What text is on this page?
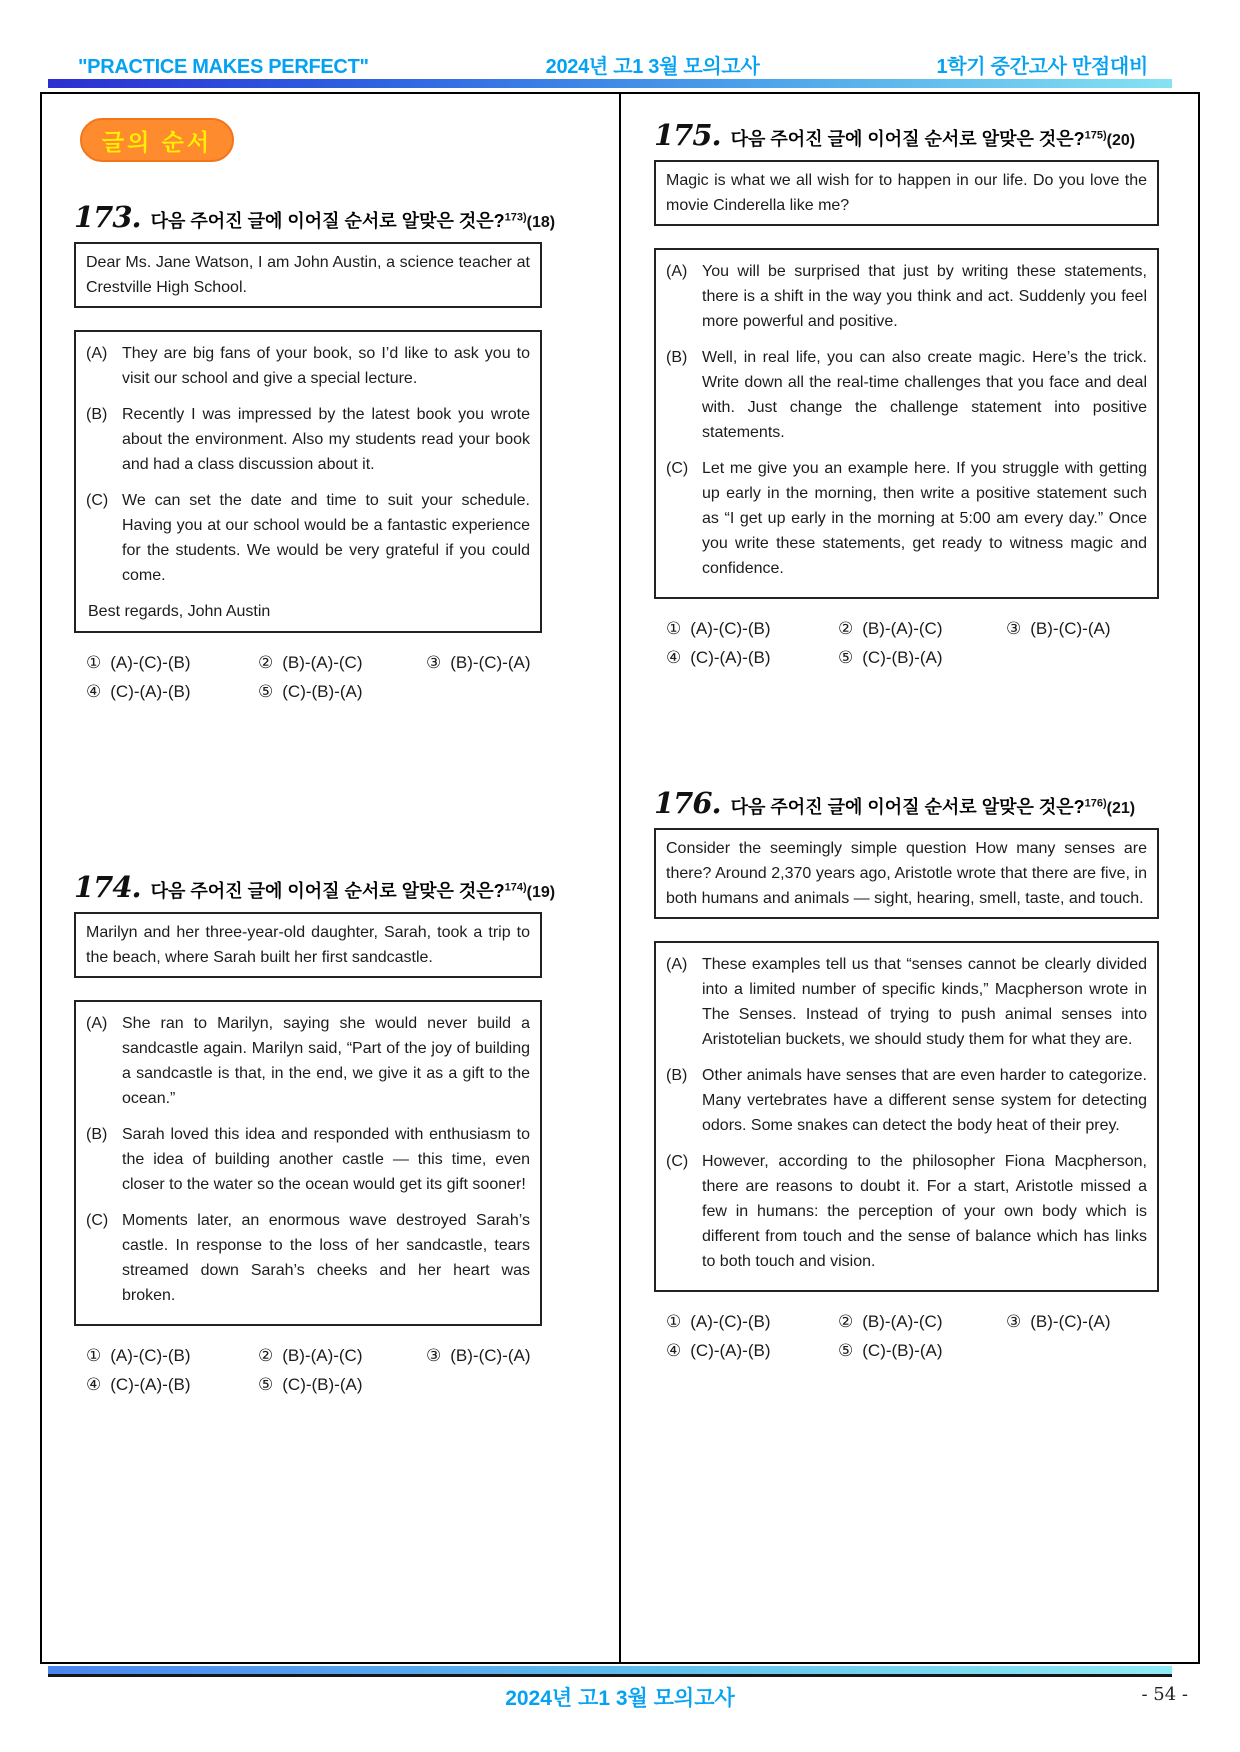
"PRACTICE MAKES PERFECT"	2024년 고1 3월 모의고사	1학기 중간고사 만점대비
글의 순서
173. 다음 주어진 글에 이어질 순서로 알맞은 것은?$^{173)}$(18)
Dear Ms. Jane Watson, I am John Austin, a science teacher at Crestville High School.
(A) They are big fans of your book, so I’d like to ask you to visit our school and give a special lecture.
(B) Recently I was impressed by the latest book you wrote about the environment. Also my students read your book and had a class discussion about it.
(C) We can set the date and time to suit your schedule. Having you at our school would be a fantastic experience for the students. We would be very grateful if you could come.
Best regards, John Austin
① (A)-(C)-(B)	② (B)-(A)-(C)	③ (B)-(C)-(A)
④ (C)-(A)-(B)	⑤ (C)-(B)-(A)
174. 다음 주어진 글에 이어질 순서로 알맞은 것은?$^{174)}$(19)
Marilyn and her three-year-old daughter, Sarah, took a trip to the beach, where Sarah built her first sandcastle.
(A) She ran to Marilyn, saying she would never build a sandcastle again. Marilyn said, “Part of the joy of building a sandcastle is that, in the end, we give it as a gift to the ocean.”
(B) Sarah loved this idea and responded with enthusiasm to the idea of building another castle — this time, even closer to the water so the ocean would get its gift sooner!
(C) Moments later, an enormous wave destroyed Sarah’s castle. In response to the loss of her sandcastle, tears streamed down Sarah’s cheeks and her heart was broken.
① (A)-(C)-(B)	② (B)-(A)-(C)	③ (B)-(C)-(A)
④ (C)-(A)-(B)	⑤ (C)-(B)-(A)
175. 다음 주어진 글에 이어질 순서로 알맞은 것은?$^{175)}$(20)
Magic is what we all wish for to happen in our life. Do you love the movie Cinderella like me?
(A) You will be surprised that just by writing these statements, there is a shift in the way you think and act. Suddenly you feel more powerful and positive.
(B) Well, in real life, you can also create magic. Here’s the trick. Write down all the real-time challenges that you face and deal with. Just change the challenge statement into positive statements.
(C) Let me give you an example here. If you struggle with getting up early in the morning, then write a positive statement such as “I get up early in the morning at 5:00 am every day.” Once you write these statements, get ready to witness magic and confidence.
① (A)-(C)-(B)	② (B)-(A)-(C)	③ (B)-(C)-(A)
④ (C)-(A)-(B)	⑤ (C)-(B)-(A)
176. 다음 주어진 글에 이어질 순서로 알맞은 것은?$^{176)}$(21)
Consider the seemingly simple question How many senses are there? Around 2,370 years ago, Aristotle wrote that there are five, in both humans and animals — sight, hearing, smell, taste, and touch.
(A) These examples tell us that “senses cannot be clearly divided into a limited number of specific kinds,” Macpherson wrote in The Senses. Instead of trying to push animal senses into Aristotelian buckets, we should study them for what they are.
(B) Other animals have senses that are even harder to categorize. Many vertebrates have a different sense system for detecting odors. Some snakes can detect the body heat of their prey.
(C) However, according to the philosopher Fiona Macpherson, there are reasons to doubt it. For a start, Aristotle missed a few in humans: the perception of your own body which is different from touch and the sense of balance which has links to both touch and vision.
① (A)-(C)-(B)	② (B)-(A)-(C)	③ (B)-(C)-(A)
④ (C)-(A)-(B)	⑤ (C)-(B)-(A)
2024년 고1 3월 모의고사	- 54 -
